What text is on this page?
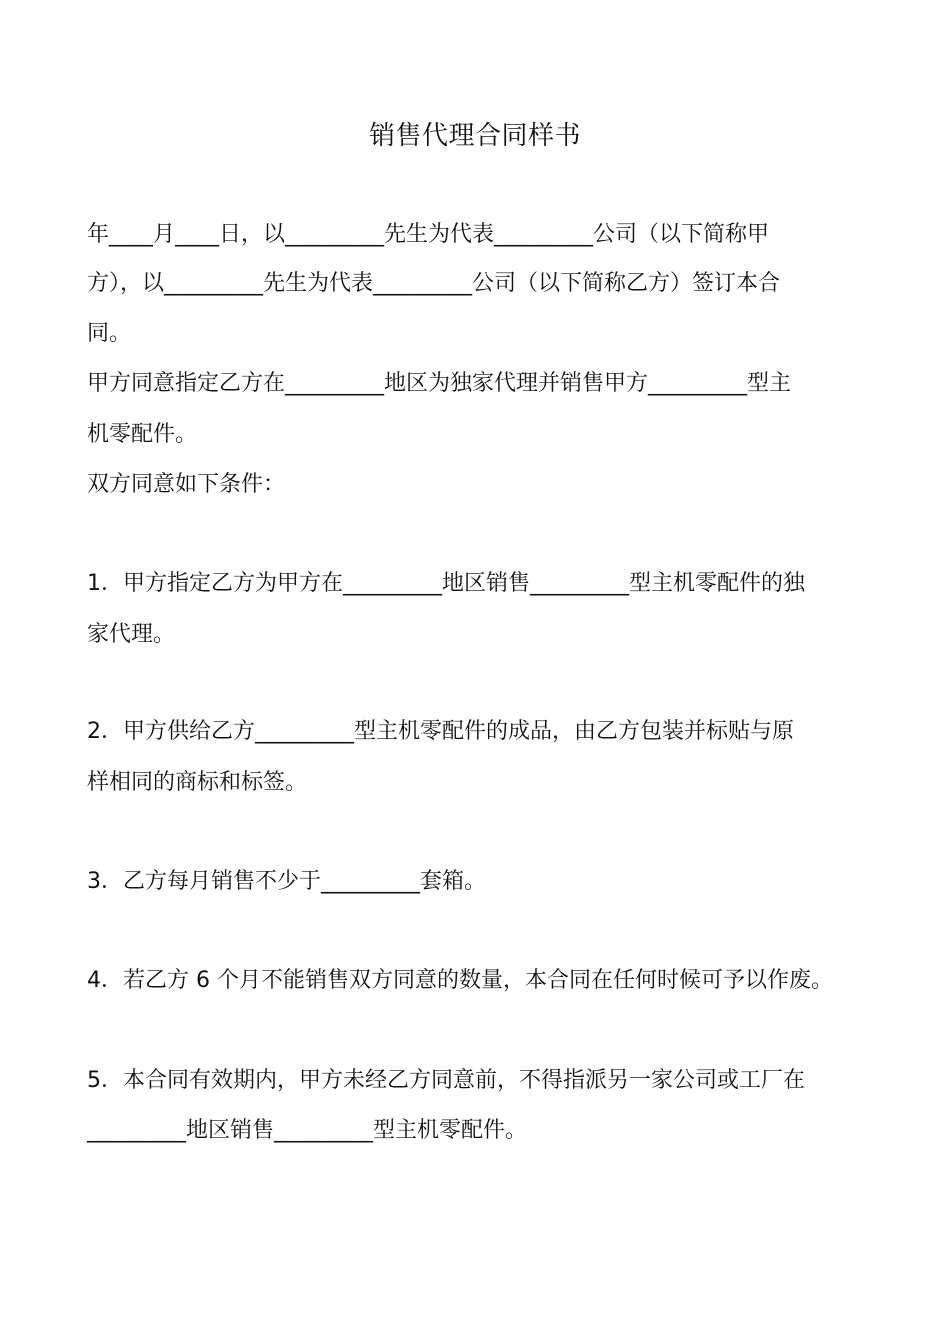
销售代理合同样书
年____月____日，以_________先生为代表_________公司（以下简称甲
方），以_________先生为代表_________公司（以下简称乙方）签订本合
同。
甲方同意指定乙方在_________地区为独家代理并销售甲方_________型主
机零配件。
双方同意如下条件：
1．甲方指定乙方为甲方在_________地区销售_________型主机零配件的独
家代理。
2．甲方供给乙方_________型主机零配件的成品，由乙方包装并标贴与原
样相同的商标和标签。
3．乙方每月销售不少于_________套箱。
4．若乙方 6 个月不能销售双方同意的数量，本合同在任何时候可予以作废。
5．本合同有效期内，甲方未经乙方同意前，不得指派另一家公司或工厂在
_________地区销售_________型主机零配件。
